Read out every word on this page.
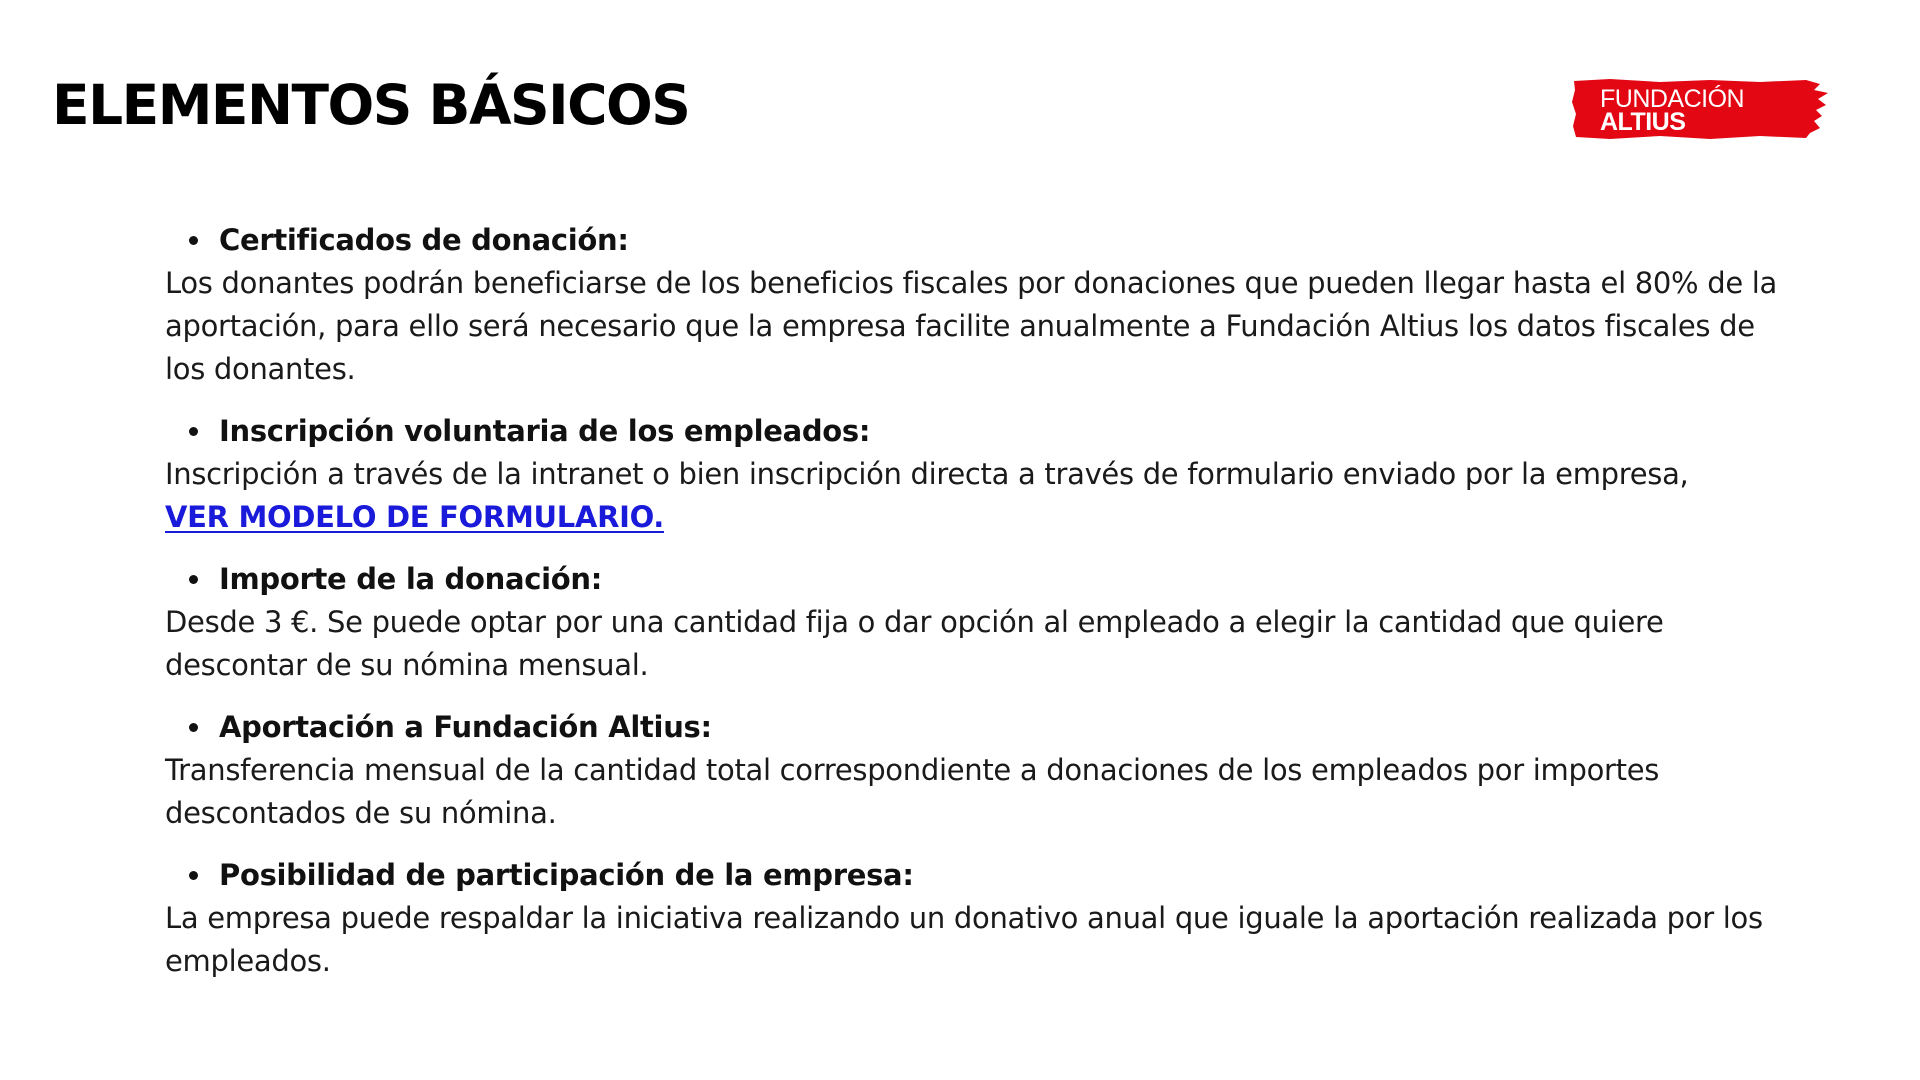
ELEMENTOS BÁSICOS	FUNDACIÓN
ALTIUS
Certificados de donación:

Los donantes podrán beneficiarse de los beneficios fiscales por donaciones que pueden llegar hasta el 80% de la aportación, para ello será necesario que la empresa facilite anualmente a Fundación Altius los datos fiscales de los donantes.

Inscripción voluntaria de los empleados:

Inscripción a través de la intranet o bien inscripción directa a través de formulario enviado por la empresa,
VER MODELO DE FORMULARIO.

Importe de la donación:

Desde 3 €. Se puede optar por una cantidad fija o dar opción al empleado a elegir la cantidad que quiere descontar de su nómina mensual.

Aportación a Fundación Altius:

Transferencia mensual de la cantidad total correspondiente a donaciones de los empleados por importes descontados de su nómina.

Posibilidad de participación de la empresa:

La empresa puede respaldar la iniciativa realizando un donativo anual que iguale la aportación realizada por los empleados.
